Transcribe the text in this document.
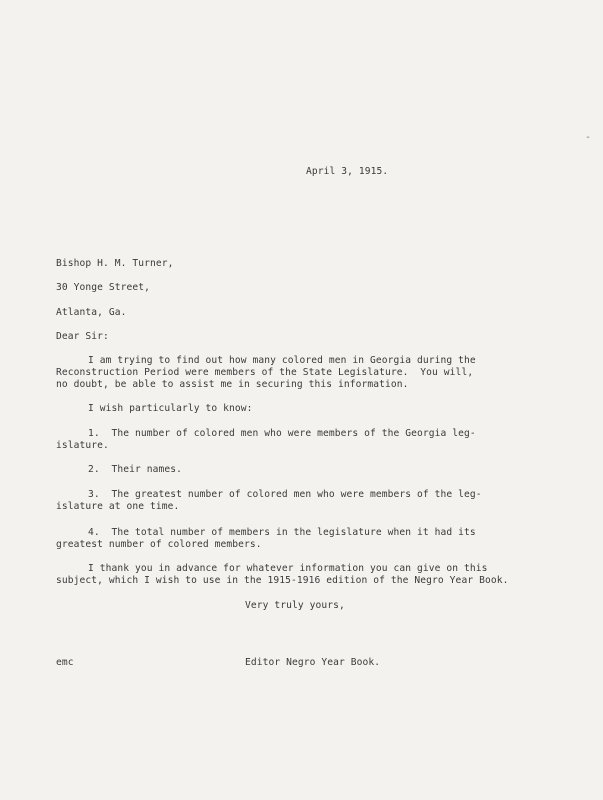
-
April 3, 1915.
Bishop H. M. Turner,
30 Yonge Street,
Atlanta, Ga.
Dear Sir:
I am trying to find out how many colored men in Georgia during the
Reconstruction Period were members of the State Legislature.  You will,
no doubt, be able to assist me in securing this information.
I wish particularly to know:
1.  The number of colored men who were members of the Georgia leg-
islature.
2.  Their names.
3.  The greatest number of colored men who were members of the leg-
islature at one time.
4.  The total number of members in the legislature when it had its
greatest number of colored members.
I thank you in advance for whatever information you can give on this
subject, which I wish to use in the 1915-1916 edition of the Negro Year Book.
Very truly yours,
emc	Editor Negro Year Book.
